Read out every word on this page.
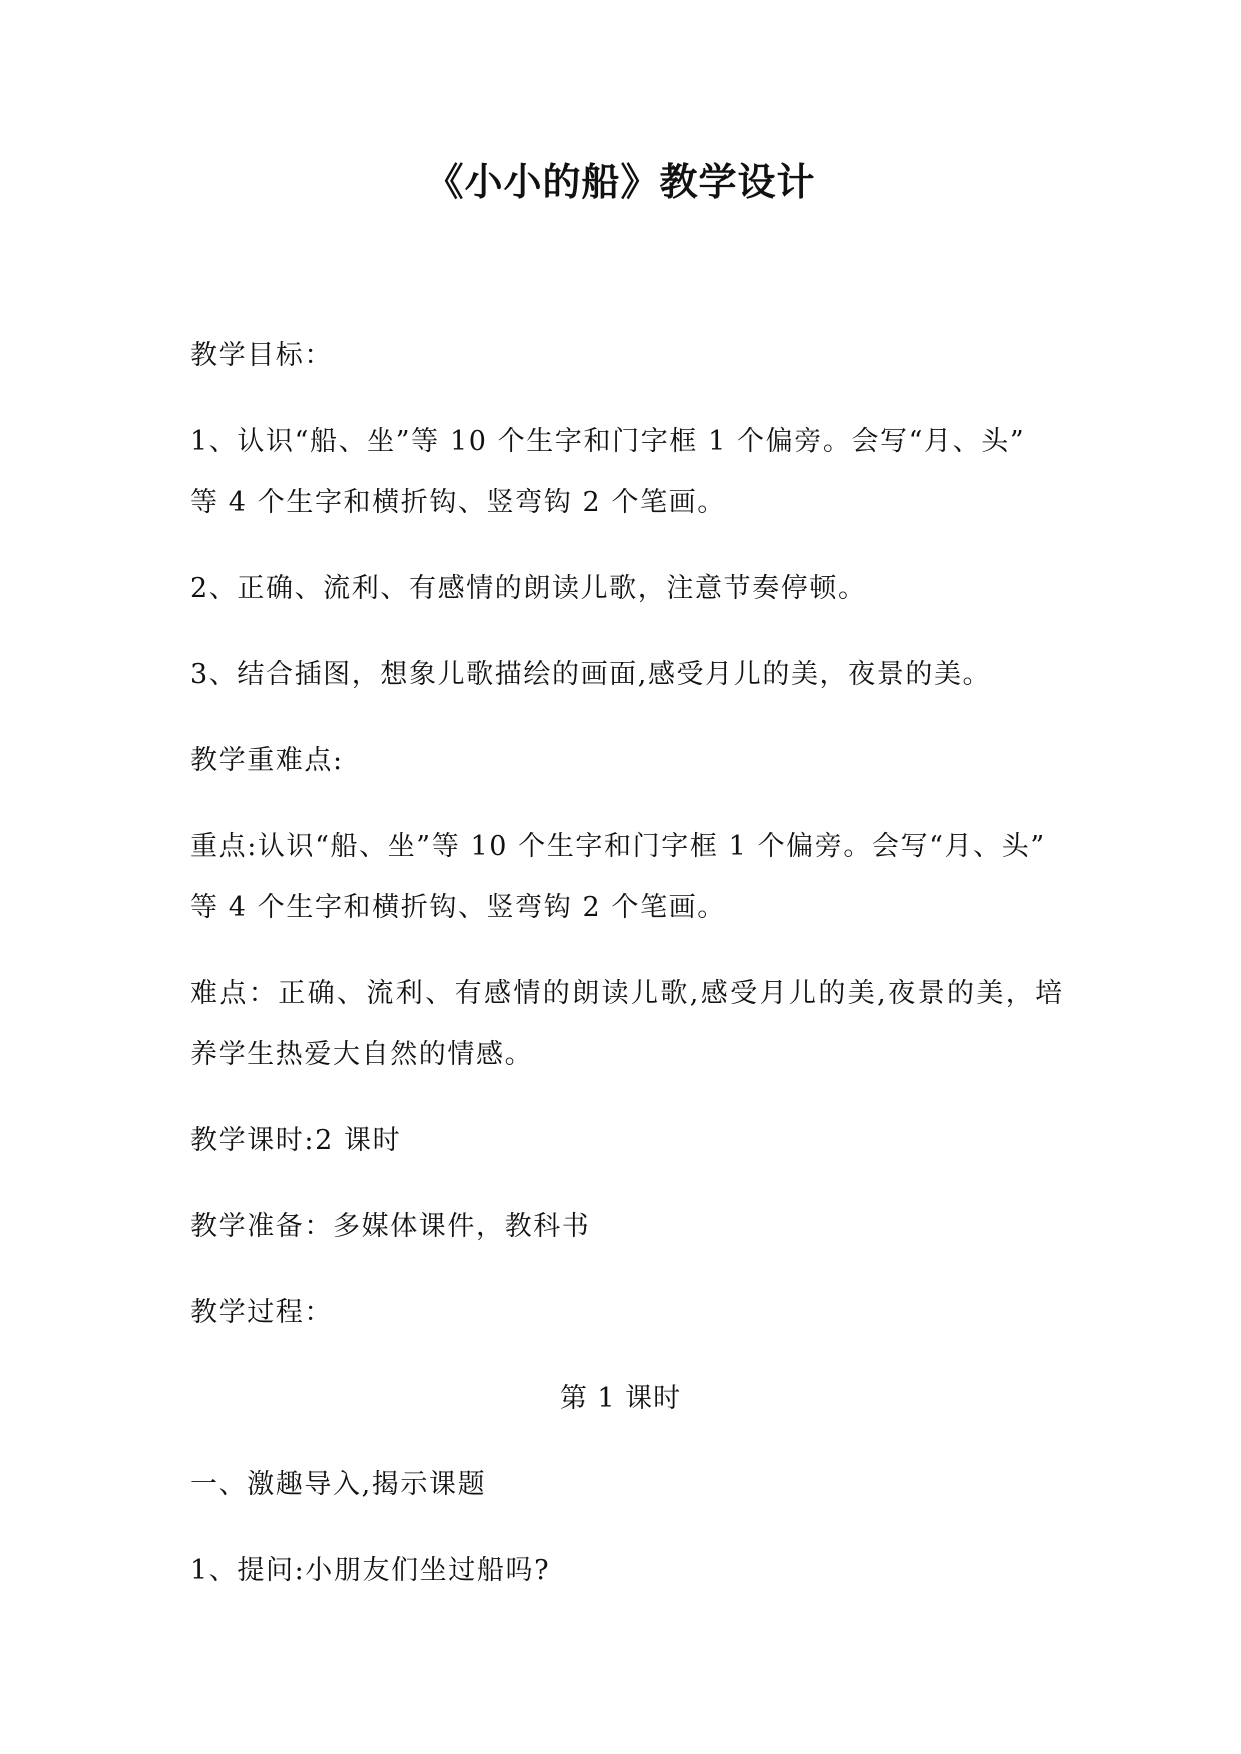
《小小的船》教学设计
教学目标：
1、认识“船、坐”等 10 个生字和门字框 1 个偏旁。会写“月、头”
等 4 个生字和横折钩、竖弯钩 2 个笔画。
2、正确、流利、有感情的朗读儿歌，注意节奏停顿。
3、结合插图，想象儿歌描绘的画面,感受月儿的美，夜景的美。
教学重难点:
重点:认识“船、坐”等 10 个生字和门字框 1 个偏旁。会写“月、头”
等 4 个生字和横折钩、竖弯钩 2 个笔画。
难点：正确、流利、有感情的朗读儿歌,感受月儿的美,夜景的美，培
养学生热爱大自然的情感。
教学课时:2 课时
教学准备：多媒体课件，教科书
教学过程：
第 1 课时
一、激趣导入,揭示课题
1、提问:小朋友们坐过船吗?
